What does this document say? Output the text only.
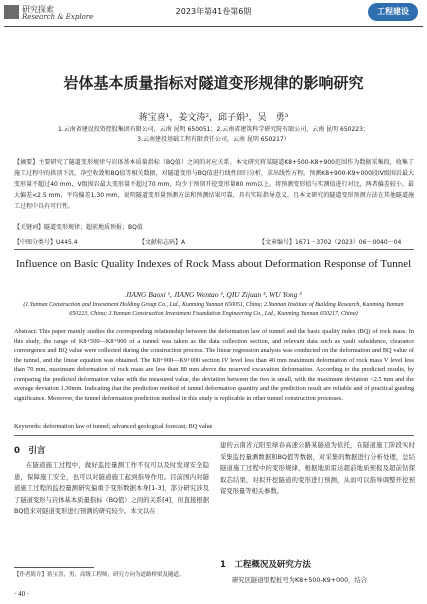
研究探索
Research & Explore
2023年第41卷第6期	工程建设
岩体基本质量指标对隧道变形规律的影响研究
蒋宝喜¹，姜文涛²，邱子娟³，吴　勇³
1.云南省建设投资控股集团有限公司，云南 昆明 650051；2.云南省建筑科学研究院有限公司，云南 昆明 650223；
3.云南建投基础工程有限责任公司，云南 昆明 650217）
【摘要】主要研究了隧道变形规律与岩体基本质量指标（BQ值）之间的对应关系。本文研究将某隧道K8+500-K8+900范围作为数据采集段，收集了施工过程中的拱顶下沉、净空收敛和BQ值等相关数据，对隧道变形与BQ值进行线性回归分析，求出线性方程。预测K8+900-K9+000段IV级围岩最大变形量不超过40 mm，V级围岩最大变形量不超过70 mm，均少于预留开挖变形量80 mm以上。将预测变形值与实测值进行对比，两者偏差较小，最大偏差<2.5 mm，平均偏差1.30 mm，说明隧道变形量预测方法和预测结果可靠，具有实际指导意义，且本文研究的隧道变形预测方法在其他隧道施工过程中具有可行性。
【关键词】隧道变形规律；超前地质预报；BQ值
【中图分类号】U445.4	【文献标志码】A	【文章编号】1671－3702（2023）06－0040－04
Influence on Basic Quality Indexes of Rock Mass about Deformation Response of Tunnel
JIANG Baoxi ¹, JIANG Wentao ², QIU Zijuan ³, WU Yong ³
(1.Yunnan Construction and Investment Holding Group Co., Ltd., Kunming Yunnan 650051, China; 2.Yunnan Institute of Building Research, Kunming Yunnan 650223, China; 3.Yunnan Construction Investment Foundation Engineering Co., Ltd., Kunming Yunnan 650217, China)
Abstract: This paper mainly studies the corresponding relationship between the deformation law of tunnel and the basic quality index (BQ) of rock mass. In this study, the range of K8+500—K8+900 of a tunnel was taken as the data collection section, and relevant data such as vault subsidence, clearance convergence and BQ value were collected during the construction process. The linear regression analysis was conducted on the deformation and BQ value of the tunnel, and the linear equation was obtained. The K8+900—K9+000 section IV level less than 40 mm maximum deformation of rock mass V level less than 70 mm, maximum deformation of rock mass are less than 80 mm above the reserved excavation deformation. According to the predicted results, by comparing the predicted deformation value with the measured value, the deviation between the two is small, with the maximum deviation <2.5 mm and the average deviation 1.30mm. Indicating that the prediction method of tunnel deformation quantity and the prediction result are reliable and of practical guiding significance. Moreover, the tunnel deformation prediction method in this study is replicable in other tunnel construction processes.
Keywords: deformation law of tunnel; advanced geological forecast; BQ value
0　引言
在隧道施工过程中，做好监控量测工作不仅可以及时发现安全隐患，保障施工安全，也可以对隧道施工起到指导作用。目前国内对隧道施工过程的监控量测研究偏重于变形数据本身[1-3]，部分研究涉及了隧道变形与岩体基本质量指标（BQ值）之间的关系[4]，但直接根据BQ值来对隧道变形进行预测的研究较少。本文以在
建的云南省元阳至绿春高速公路某隧道为依托，在隧道施工阶段实时采集监控量测数据和BQ值等数据，对采集的数据进行分析处理，总结隧道施工过程中的变形规律，根据地质雷达超前地质预报及超前钻探取芯结果，对拟开挖隧道的变形进行预测，从而可以指导调整开挖预留变形量等相关参数。
1　工程概况及研究方法
研究区隧道里程桩号为K8+500-K9+000，结合
【作者简介】蒋宝喜，男，高级工程师，研究方向为道路桥梁及隧道。
· 40 ·
